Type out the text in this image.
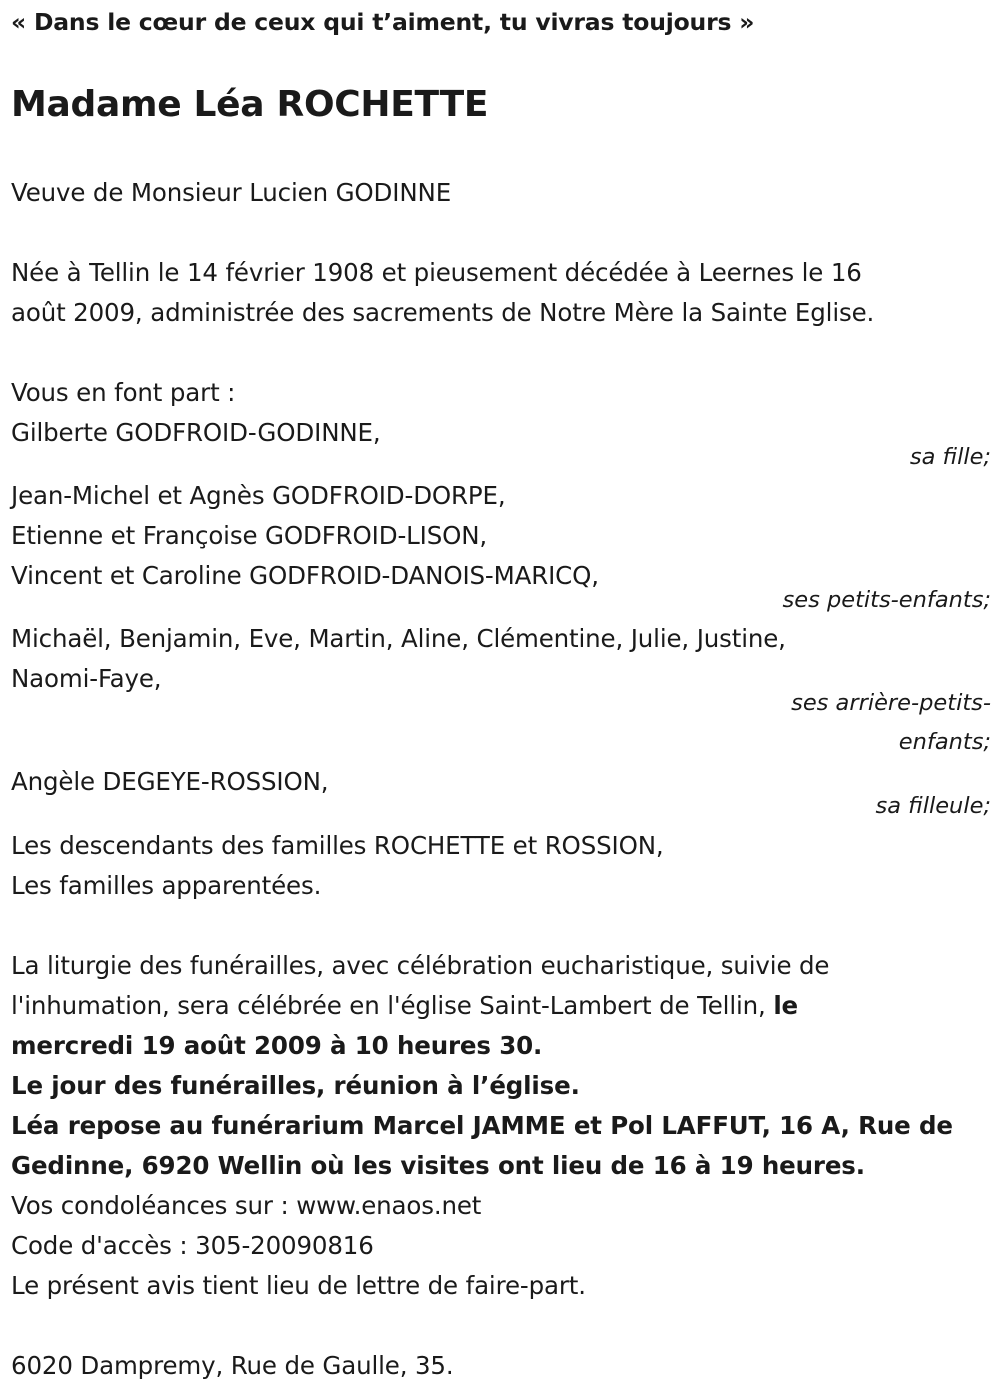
« Dans le cœur de ceux qui t’aiment, tu vivras toujours »
Madame Léa ROCHETTE
Veuve de Monsieur Lucien GODINNE
Née à Tellin le 14 février 1908 et pieusement décédée à Leernes le 16
août 2009, administrée des sacrements de Notre Mère la Sainte Eglise.
Vous en font part :
Gilberte GODFROID-GODINNE,
sa fille;
Jean-Michel et Agnès GODFROID-DORPE,
Etienne et Françoise GODFROID-LISON,
Vincent et Caroline GODFROID-DANOIS-MARICQ,
ses petits-enfants;
Michaël, Benjamin, Eve, Martin, Aline, Clémentine, Julie, Justine,
Naomi-Faye,
ses arrière-petits-
enfants;
Angèle DEGEYE-ROSSION,
sa filleule;
Les descendants des familles ROCHETTE et ROSSION,
Les familles apparentées.
La liturgie des funérailles, avec célébration eucharistique, suivie de
l'inhumation, sera célébrée en l'église Saint-Lambert de Tellin, le
mercredi 19 août 2009 à 10 heures 30.
Le jour des funérailles, réunion à l’église.
Léa repose au funérarium Marcel JAMME et Pol LAFFUT, 16 A, Rue de
Gedinne, 6920 Wellin où les visites ont lieu de 16 à 19 heures.
Vos condoléances sur : www.enaos.net
Code d'accès : 305-20090816
Le présent avis tient lieu de lettre de faire-part.
6020 Dampremy, Rue de Gaulle, 35.
